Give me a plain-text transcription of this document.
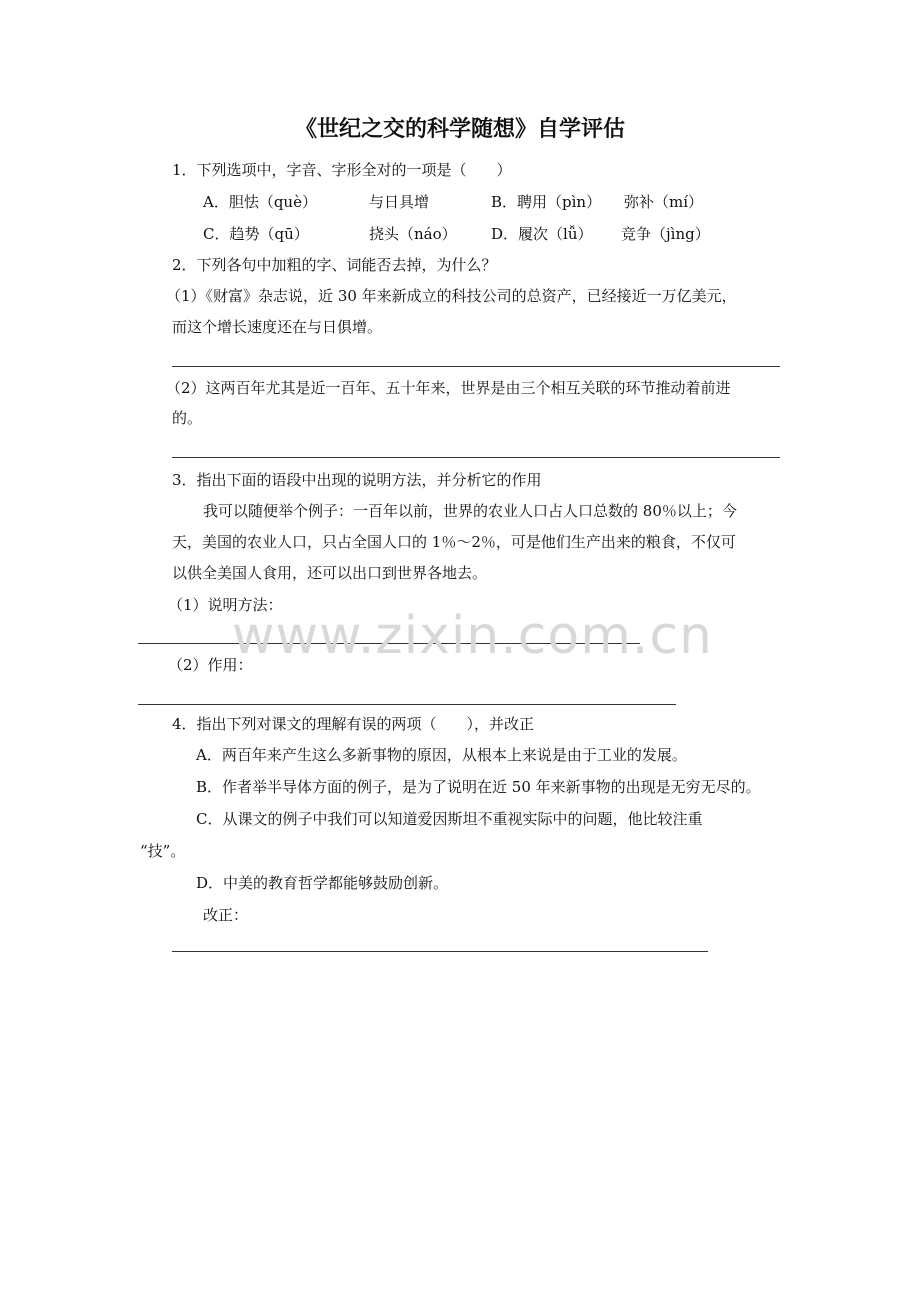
《世纪之交的科学随想》自学评估
1．下列选项中，字音、字形全对的一项是（　　）
A．胆怯（què）	与日具增	B．聘用（pìn） 弥补（mí）
C．趋势（qū）	挠头（náo） D．履次（lǚ） 竞争（jìng）
2．下列各句中加粗的字、词能否去掉，为什么？
（1）《财富》杂志说，近 30 年来新成立的科技公司的总资产，已经接近一万亿美元，
而这个增长速度还在与日俱增。
（2）这两百年尤其是近一百年、五十年来，世界是由三个相互关联的环节推动着前进
的。
3．指出下面的语段中出现的说明方法，并分析它的作用
我可以随便举个例子：一百年以前，世界的农业人口占人口总数的 80％以上；今
天，美国的农业人口，只占全国人口的 1％～2％，可是他们生产出来的粮食，不仅可
以供全美国人食用，还可以出口到世界各地去。
（1）说明方法：
（2）作用：
4．指出下列对课文的理解有误的两项（　　），并改正
A．两百年来产生这么多新事物的原因，从根本上来说是由于工业的发展。
B．作者举半导体方面的例子，是为了说明在近 50 年来新事物的出现是无穷无尽的。
C．从课文的例子中我们可以知道爱因斯坦不重视实际中的问题，他比较注重
“技”。
D．中美的教育哲学都能够鼓励创新。
改正：
www.zixin.com.cn
